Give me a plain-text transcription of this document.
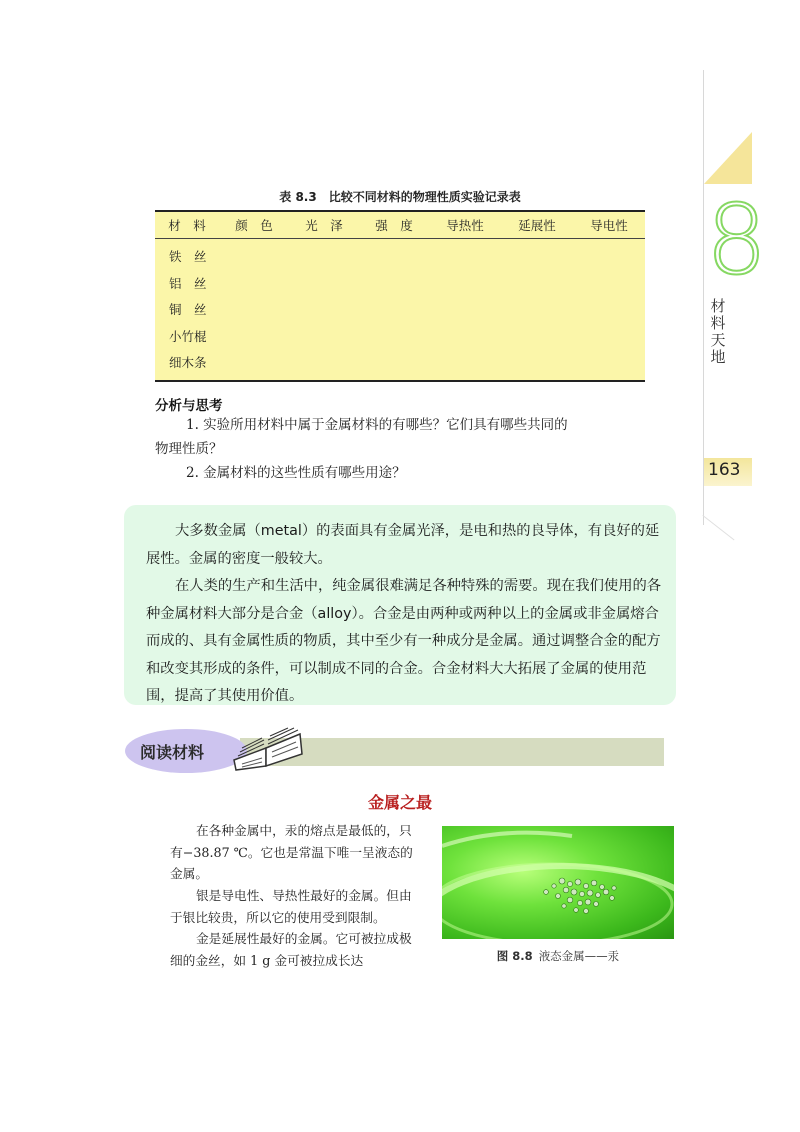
8
材料天地
163
表 8.3　比较不同材料的物理性质实验记录表
材　料	颜　色	光　泽	强　度	导热性	延展性	导电性
铁　丝
铝　丝
铜　丝
小竹棍
细木条
分析与思考
1. 实验所用材料中属于金属材料的有哪些？它们具有哪些共同的
物理性质？
2. 金属材料的这些性质有哪些用途？

大多数金属（metal）的表面具有金属光泽，是电和热的良导体，有良好的延展性。金属的密度一般较大。

在人类的生产和生活中，纯金属很难满足各种特殊的需要。现在我们使用的各种金属材料大部分是合金（alloy）。合金是由两种或两种以上的金属或非金属熔合而成的、具有金属性质的物质，其中至少有一种成分是金属。通过调整合金的配方和改变其形成的条件，可以制成不同的合金。合金材料大大拓展了金属的使用范围，提高了其使用价值。

阅读材料
金属之最

在各种金属中，汞的熔点是最低的，只有−38.87 ℃。它也是常温下唯一呈液态的金属。

银是导电性、导热性最好的金属。但由于银比较贵，所以它的使用受到限制。

金是延展性最好的金属。它可被拉成极细的金丝，如 1 g 金可被拉成长达	图 8.8 液态金属——汞
